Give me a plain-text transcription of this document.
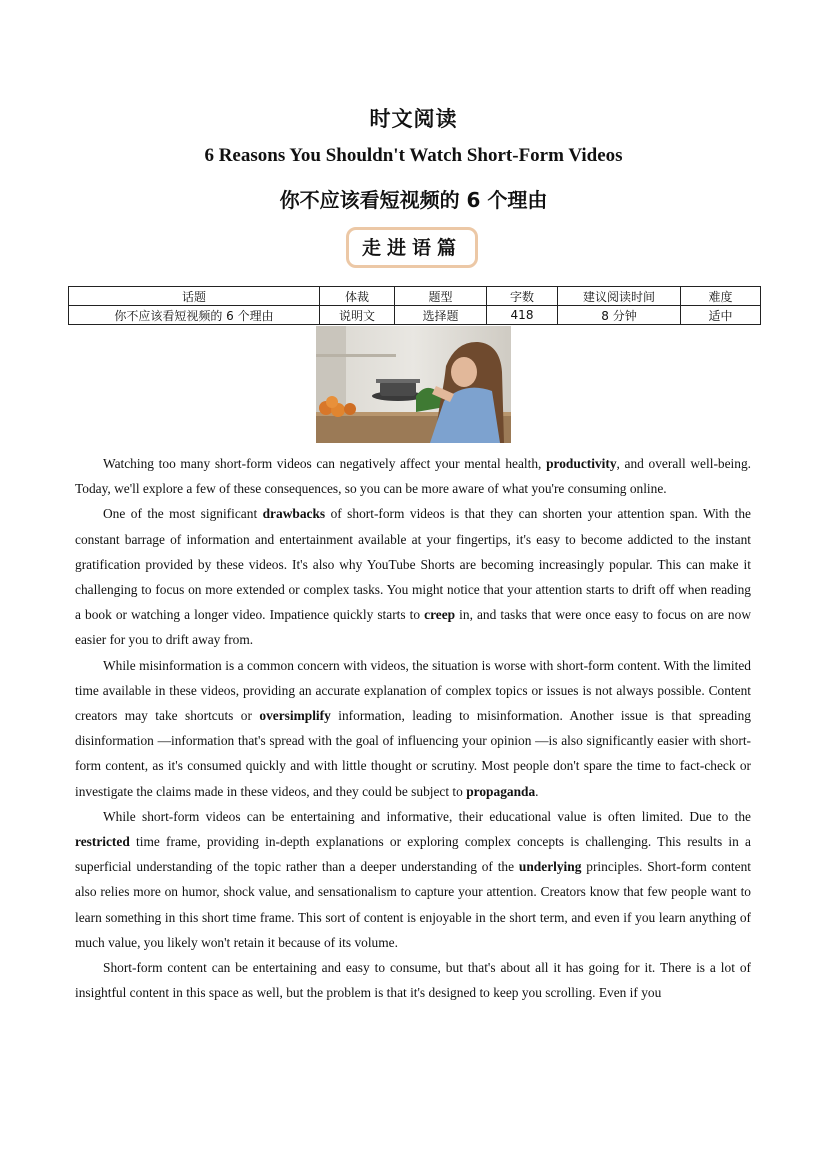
时文阅读
6 Reasons You Shouldn't Watch Short-Form Videos
你不应该看短视频的 6 个理由
走进语篇
话题	体裁	题型	字数	建议阅读时间	难度
你不应该看短视频的 6 个理由	说明文	选择题	418	8 分钟	适中

Watching too many short-form videos can negatively affect your mental health, productivity, and overall well-being. Today, we'll explore a few of these consequences, so you can be more aware of what you're consuming online.

One of the most significant drawbacks of short-form videos is that they can shorten your attention span. With the constant barrage of information and entertainment available at your fingertips, it's easy to become addicted to the instant gratification provided by these videos. It's also why YouTube Shorts are becoming increasingly popular. This can make it challenging to focus on more extended or complex tasks. You might notice that your attention starts to drift off when reading a book or watching a longer video. Impatience quickly starts to creep in, and tasks that were once easy to focus on are now easier for you to drift away from.

While misinformation is a common concern with videos, the situation is worse with short-form content. With the limited time available in these videos, providing an accurate explanation of complex topics or issues is not always possible. Content creators may take shortcuts or oversimplify information, leading to misinformation. Another issue is that spreading disinformation —information that's spread with the goal of influencing your opinion —is also significantly easier with short-form content, as it's consumed quickly and with little thought or scrutiny. Most people don't spare the time to fact-check or investigate the claims made in these videos, and they could be subject to propaganda.

While short-form videos can be entertaining and informative, their educational value is often limited. Due to the restricted time frame, providing in-depth explanations or exploring complex concepts is challenging. This results in a superficial understanding of the topic rather than a deeper understanding of the underlying principles. Short-form content also relies more on humor, shock value, and sensationalism to capture your attention. Creators know that few people want to learn something in this short time frame. This sort of content is enjoyable in the short term, and even if you learn anything of much value, you likely won't retain it because of its volume.

Short-form content can be entertaining and easy to consume, but that's about all it has going for it. There is a lot of insightful content in this space as well, but the problem is that it's designed to keep you scrolling. Even if you
